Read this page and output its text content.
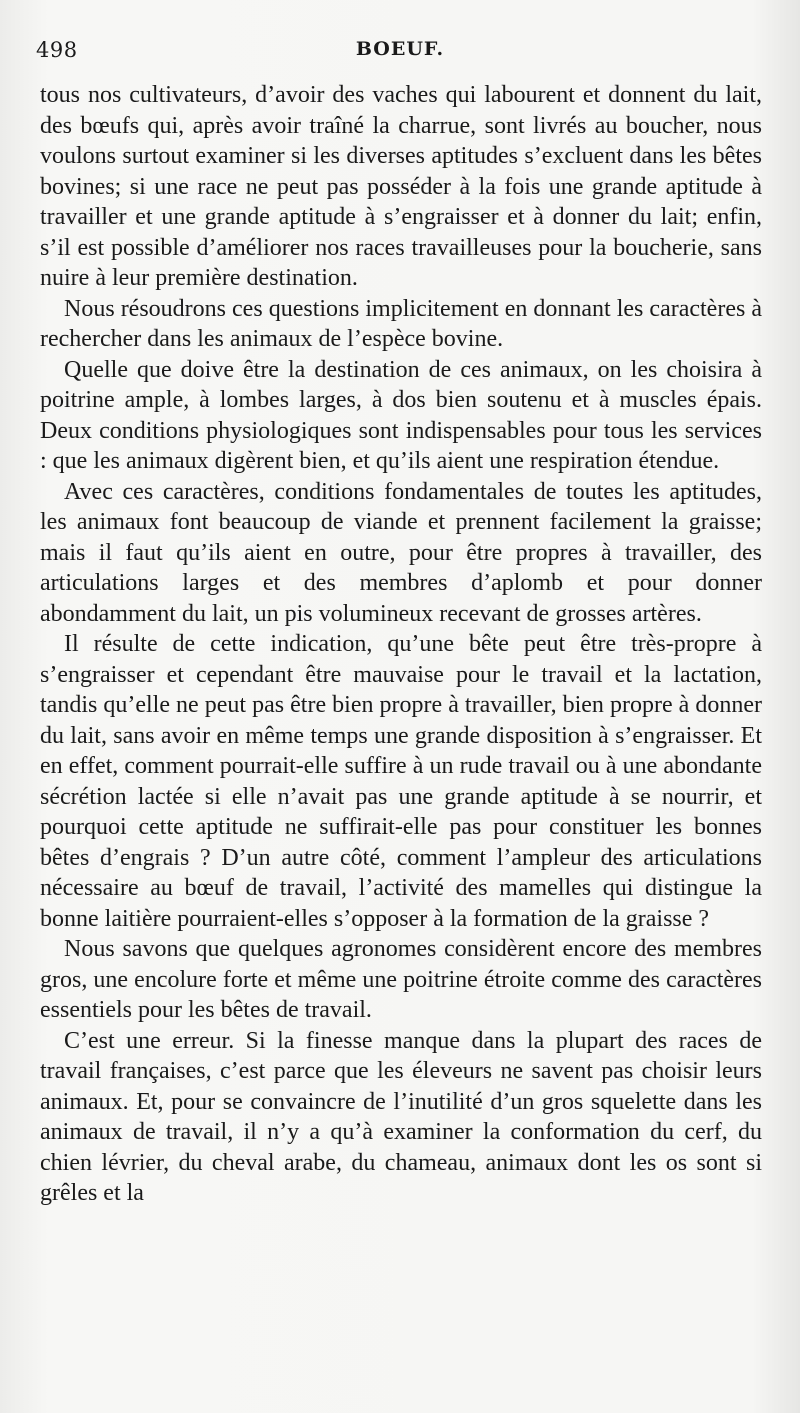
498	BOEUF.

tous nos cultivateurs, d’avoir des vaches qui labourent et donnent du lait, des bœufs qui, après avoir traîné la charrue, sont livrés au boucher, nous voulons surtout examiner si les diverses aptitudes s’excluent dans les bêtes bovines; si une race ne peut pas posséder à la fois une grande aptitude à travailler et une grande aptitude à s’engraisser et à donner du lait; enfin, s’il est possible d’améliorer nos races travailleuses pour la boucherie, sans nuire à leur première destination.

Nous résoudrons ces questions implicitement en donnant les caractères à rechercher dans les animaux de l’espèce bovine.

Quelle que doive être la destination de ces animaux, on les choisira à poitrine ample, à lombes larges, à dos bien soutenu et à muscles épais. Deux conditions physiologiques sont indispensables pour tous les services : que les animaux digèrent bien, et qu’ils aient une respiration étendue.

Avec ces caractères, conditions fondamentales de toutes les aptitudes, les animaux font beaucoup de viande et prennent facilement la graisse; mais il faut qu’ils aient en outre, pour être propres à travailler, des articulations larges et des membres d’aplomb et pour donner abondamment du lait, un pis volumineux recevant de grosses artères.

Il résulte de cette indication, qu’une bête peut être très-propre à s’engraisser et cependant être mauvaise pour le travail et la lactation, tandis qu’elle ne peut pas être bien propre à travailler, bien propre à donner du lait, sans avoir en même temps une grande disposition à s’engraisser. Et en effet, comment pourrait-elle suffire à un rude travail ou à une abondante sécrétion lactée si elle n’avait pas une grande aptitude à se nourrir, et pourquoi cette aptitude ne suffirait-elle pas pour constituer les bonnes bêtes d’engrais ? D’un autre côté, comment l’ampleur des articulations nécessaire au bœuf de travail, l’activité des mamelles qui distingue la bonne laitière pourraient-elles s’opposer à la formation de la graisse ?

Nous savons que quelques agronomes considèrent encore des membres gros, une encolure forte et même une poitrine étroite comme des caractères essentiels pour les bêtes de travail.

C’est une erreur. Si la finesse manque dans la plupart des races de travail françaises, c’est parce que les éleveurs ne savent pas choisir leurs animaux. Et, pour se convaincre de l’inutilité d’un gros squelette dans les animaux de travail, il n’y a qu’à examiner la conformation du cerf, du chien lévrier, du cheval arabe, du chameau, animaux dont les os sont si grêles et la
